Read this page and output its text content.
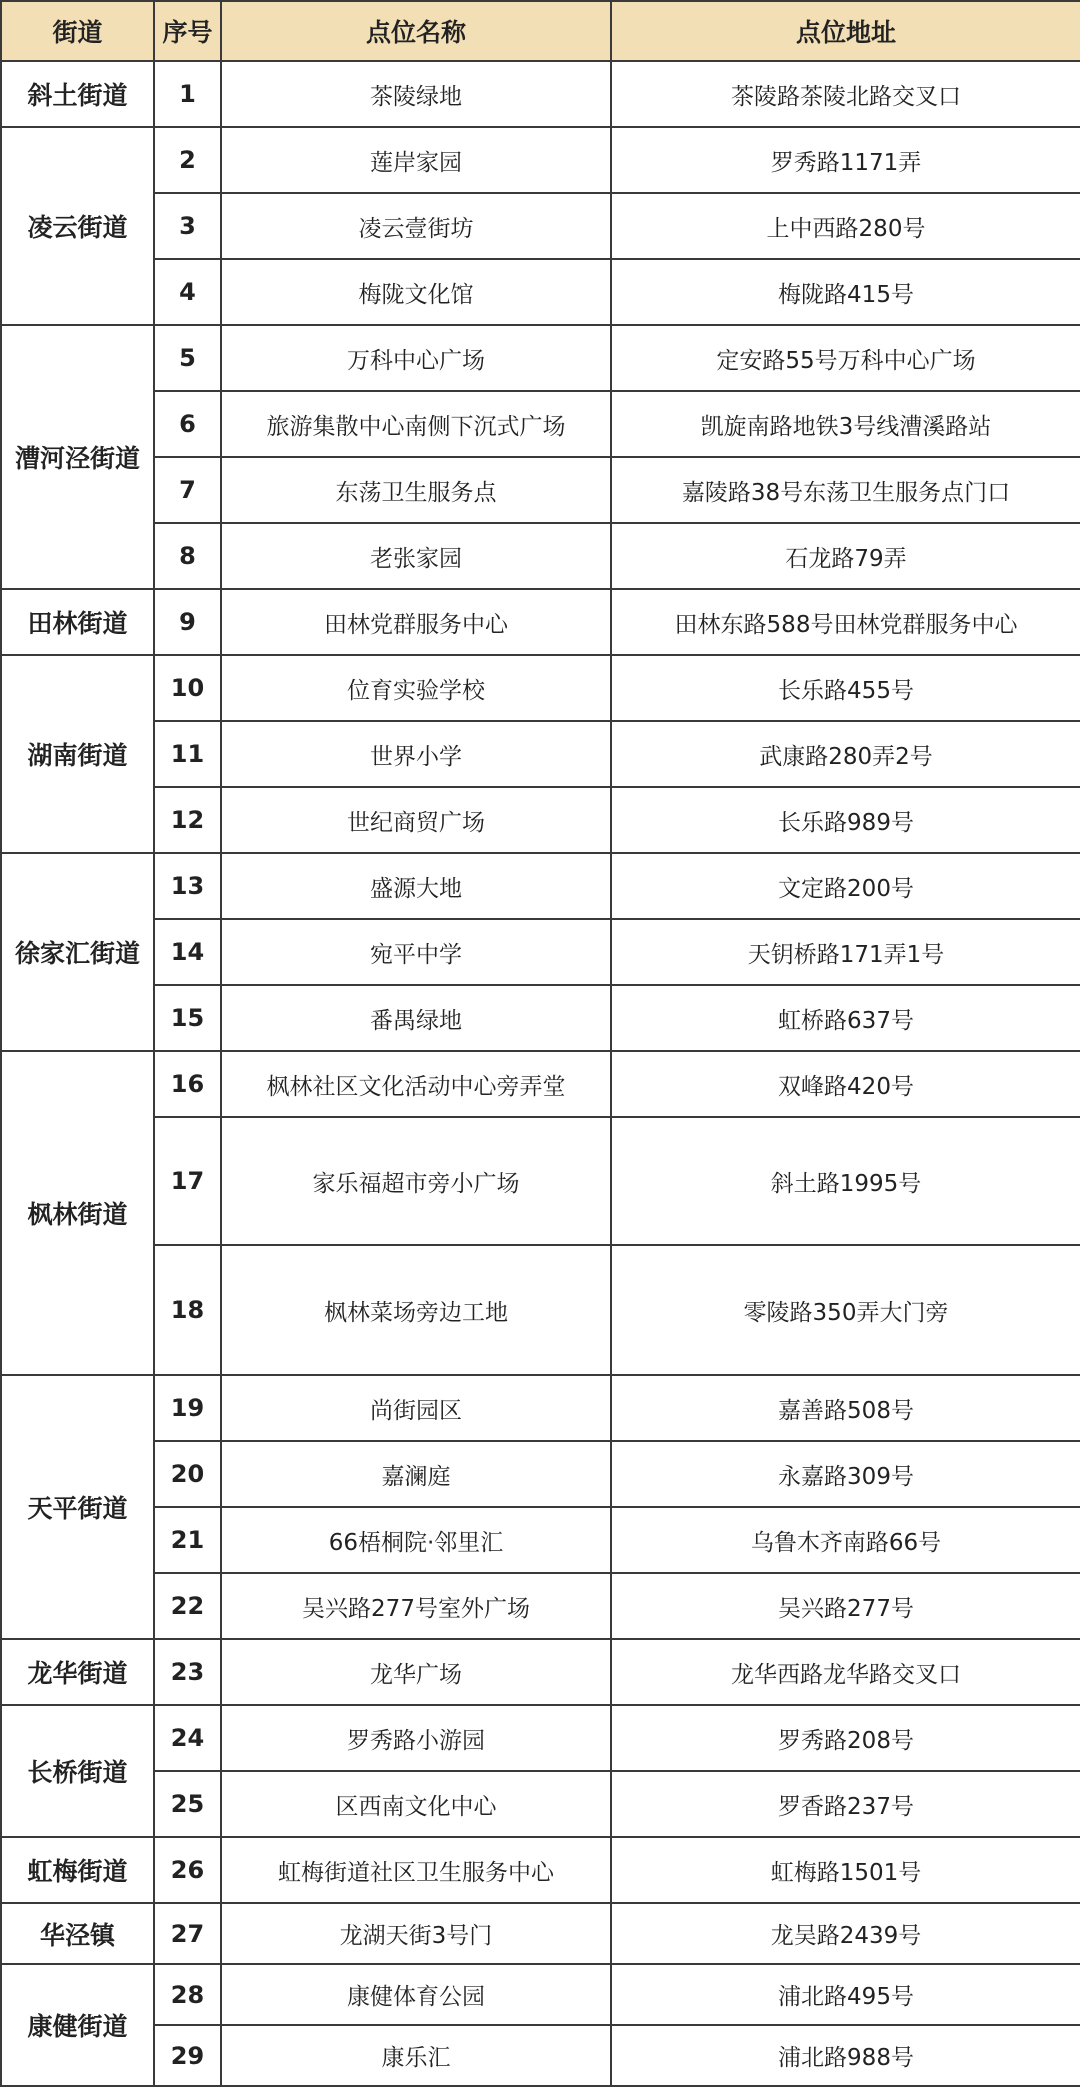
街道	序号	点位名称	点位地址
斜土街道	1	茶陵绿地	茶陵路茶陵北路交叉口
凌云街道	2	莲岸家园	罗秀路1171弄
	3	凌云壹街坊	上中西路280号
	4	梅陇文化馆	梅陇路415号
漕河泾街道	5	万科中心广场	定安路55号万科中心广场
	6	旅游集散中心南侧下沉式广场	凯旋南路地铁3号线漕溪路站
	7	东荡卫生服务点	嘉陵路38号东荡卫生服务点门口
	8	老张家园	石龙路79弄
田林街道	9	田林党群服务中心	田林东路588号田林党群服务中心
湖南街道	10	位育实验学校	长乐路455号
	11	世界小学	武康路280弄2号
	12	世纪商贸广场	长乐路989号
徐家汇街道	13	盛源大地	文定路200号
	14	宛平中学	天钥桥路171弄1号
	15	番禺绿地	虹桥路637号
枫林街道	16	枫林社区文化活动中心旁弄堂	双峰路420号
	17	家乐福超市旁小广场	斜土路1995号
	18	枫林菜场旁边工地	零陵路350弄大门旁
天平街道	19	尚街园区	嘉善路508号
	20	嘉澜庭	永嘉路309号
	21	66梧桐院·邻里汇	乌鲁木齐南路66号
	22	吴兴路277号室外广场	吴兴路277号
龙华街道	23	龙华广场	龙华西路龙华路交叉口
长桥街道	24	罗秀路小游园	罗秀路208号
	25	区西南文化中心	罗香路237号
虹梅街道	26	虹梅街道社区卫生服务中心	虹梅路1501号
华泾镇	27	龙湖天街3号门	龙吴路2439号
康健街道	28	康健体育公园	浦北路495号
	29	康乐汇	浦北路988号
